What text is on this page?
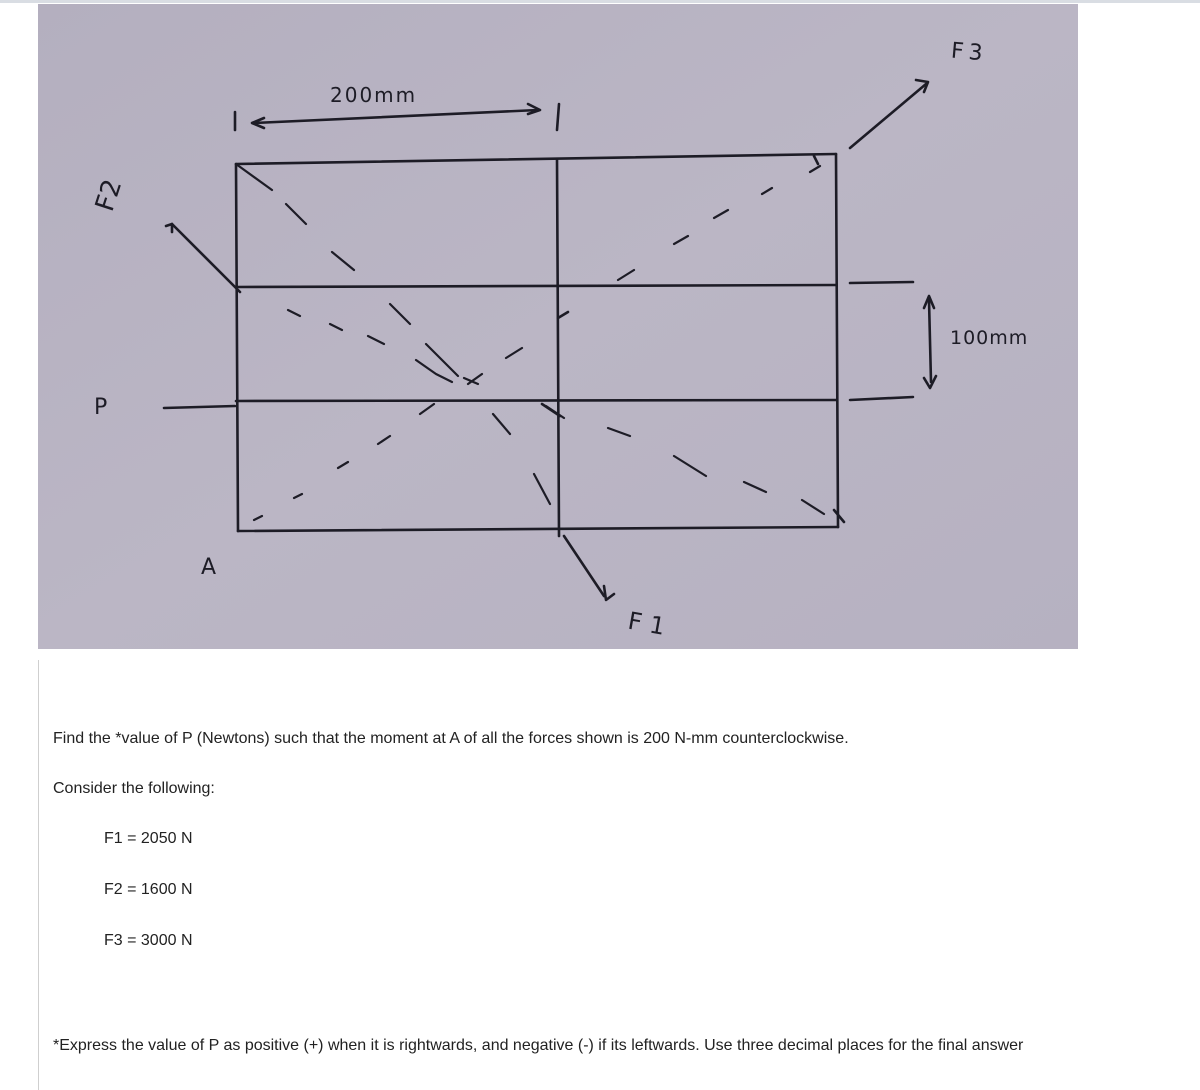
F2
P
A
200mm
100mm
F3
F1
Find the *value of P (Newtons) such that the moment at A of all the forces shown is 200 N-mm counterclockwise.
Consider the following:
F1 = 2050 N
F2 = 1600 N
F3 = 3000 N
*Express the value of P as positive (+) when it is rightwards, and negative (-) if its leftwards. Use three decimal places for the final answer
